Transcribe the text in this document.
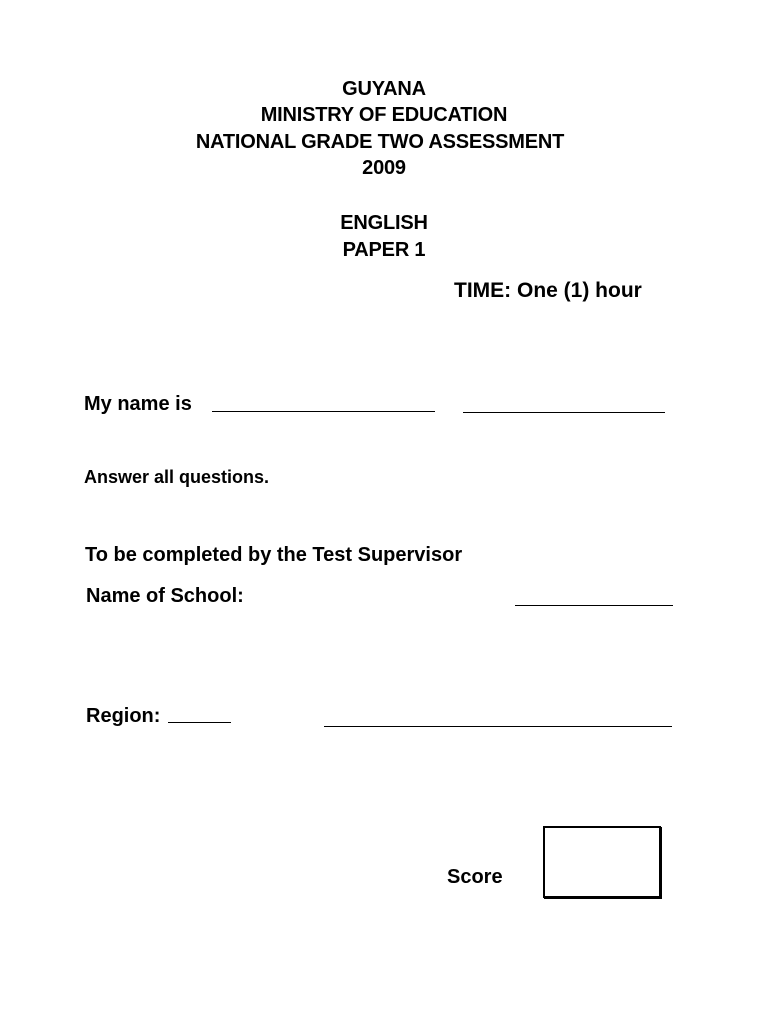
GUYANA
MINISTRY OF EDUCATION
NATIONAL GRADE TWO ASSESSMENT
2009
ENGLISH
PAPER 1
TIME: One (1) hour
My name is
Answer all questions.
To be completed by the Test Supervisor
Name of School:
Region:
Score
